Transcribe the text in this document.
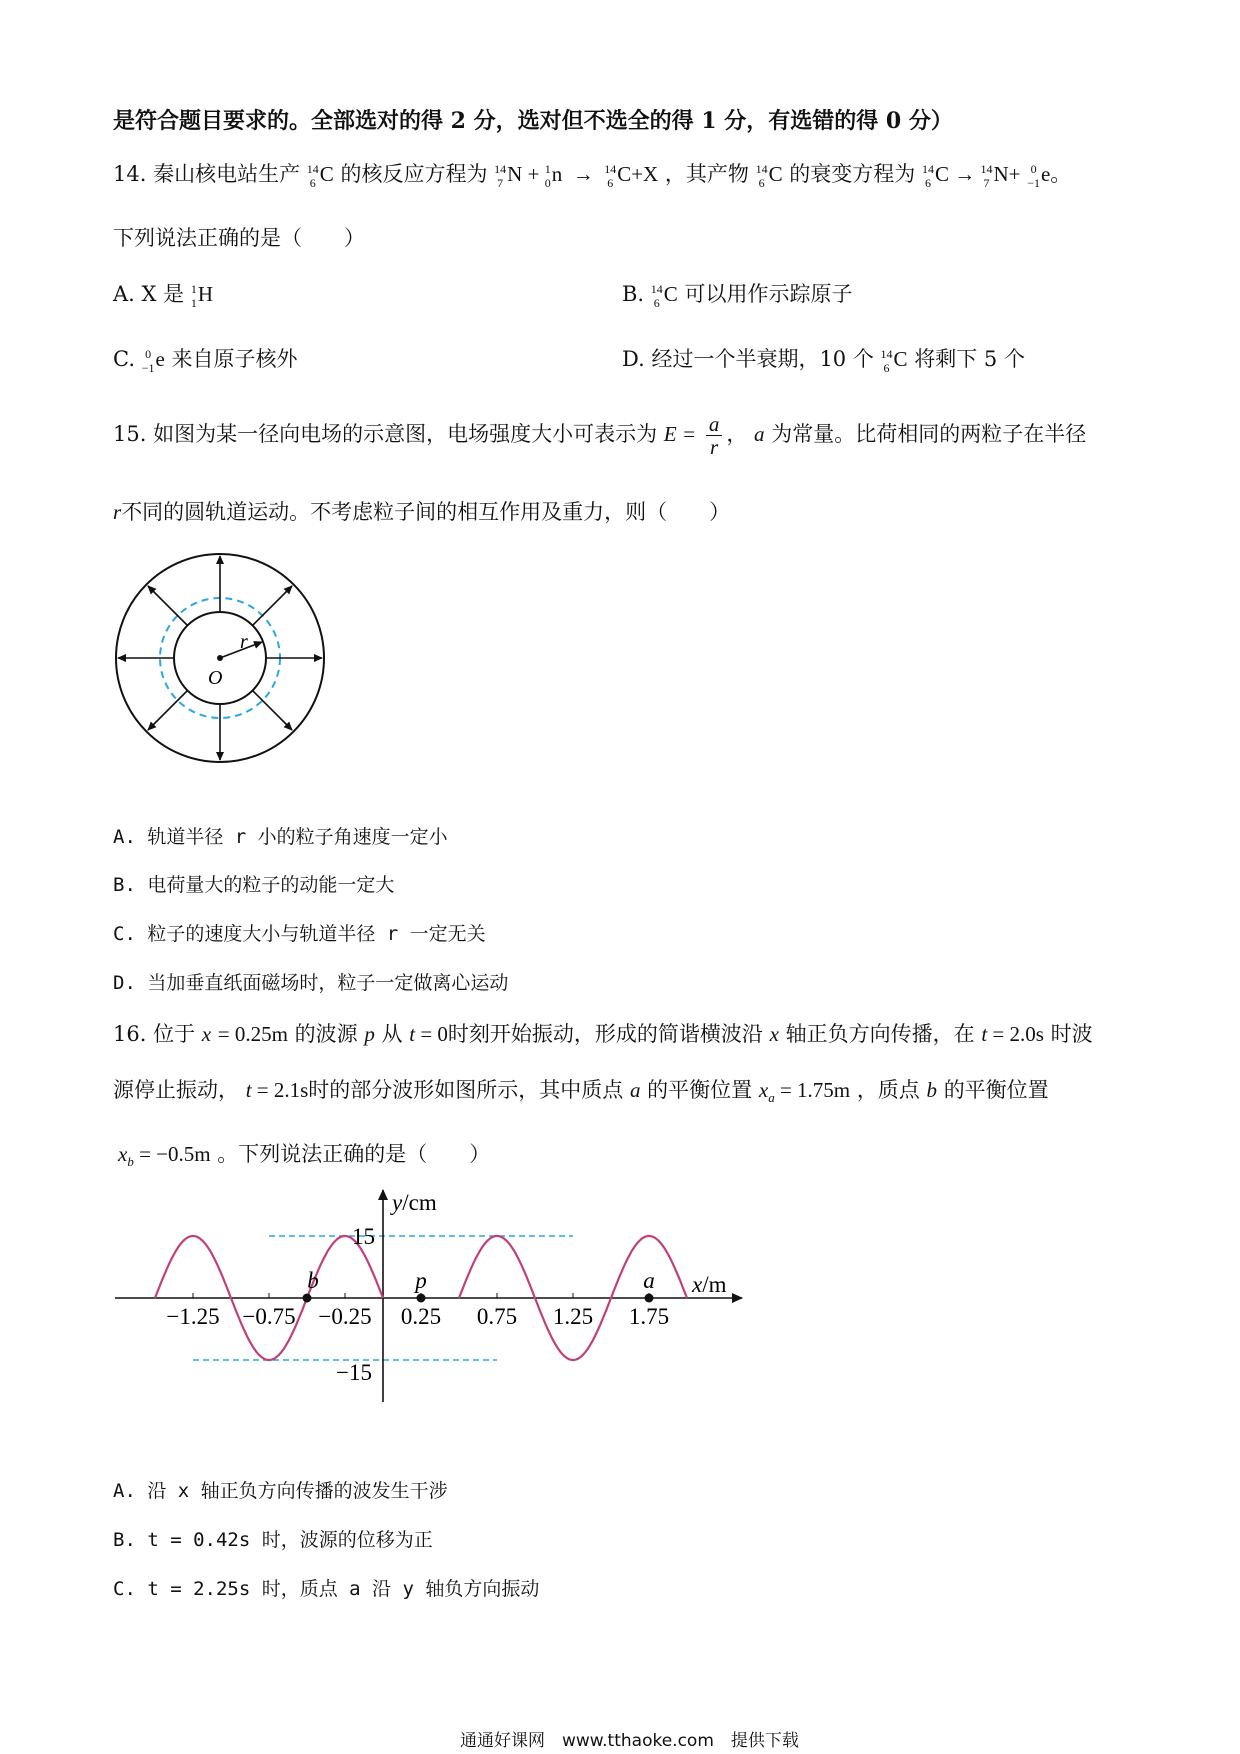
是符合题目要求的。全部选对的得 2 分，选对但不选全的得 1 分，有选错的得 0 分）
14. 秦山核电站生产 14
6 C 的核反应方程为 14
7 N + 1
0 n  → 14
6 C+X ，其产物 14
6 C 的衰变方程为 14
6 C → 14
7 N+ 0
−1 e。
下列说法正确的是（　　）
A. X 是 1
1 H	B. 14
6 C 可以用作示踪原子
C. 0
−1 e 来自原子核外	D. 经过一个半衰期，10 个 14
6 C 将剩下 5 个
15. 如图为某一径向电场的示意图，电场强度大小可表示为 $E = \frac{a}{r}$ ， a 为常量。比荷相同的两粒子在半径
r不同的圆轨道运动。不考虑粒子间的相互作用及重力，则（　　）
r
O
A. 轨道半径 r 小的粒子角速度一定小
B. 电荷量大的粒子的动能一定大
C. 粒子的速度大小与轨道半径 r 一定无关
D. 当加垂直纸面磁场时，粒子一定做离心运动
16. 位于 x = 0.25m 的波源 p 从 t = 0时刻开始振动，形成的简谐横波沿 x 轴正负方向传播，在 t = 2.0s 时波
源停止振动， t = 2.1s时的部分波形如图所示，其中质点 a 的平衡位置 $x_a = 1.75m$ ，质点 b 的平衡位置
$x_b = -0.5m$ 。下列说法正确的是（　　）
−1.25 −0.75 −0.25 0.25 0.75 1.25 1.75
b	p	a
y/cm
x/m
15
−15
A. 沿 x 轴正负方向传播的波发生干涉
B. t = 0.42s 时，波源的位移为正
C. t = 2.25s 时，质点 a 沿 y 轴负方向振动
通通好课网　www.tthaoke.com　提供下载
